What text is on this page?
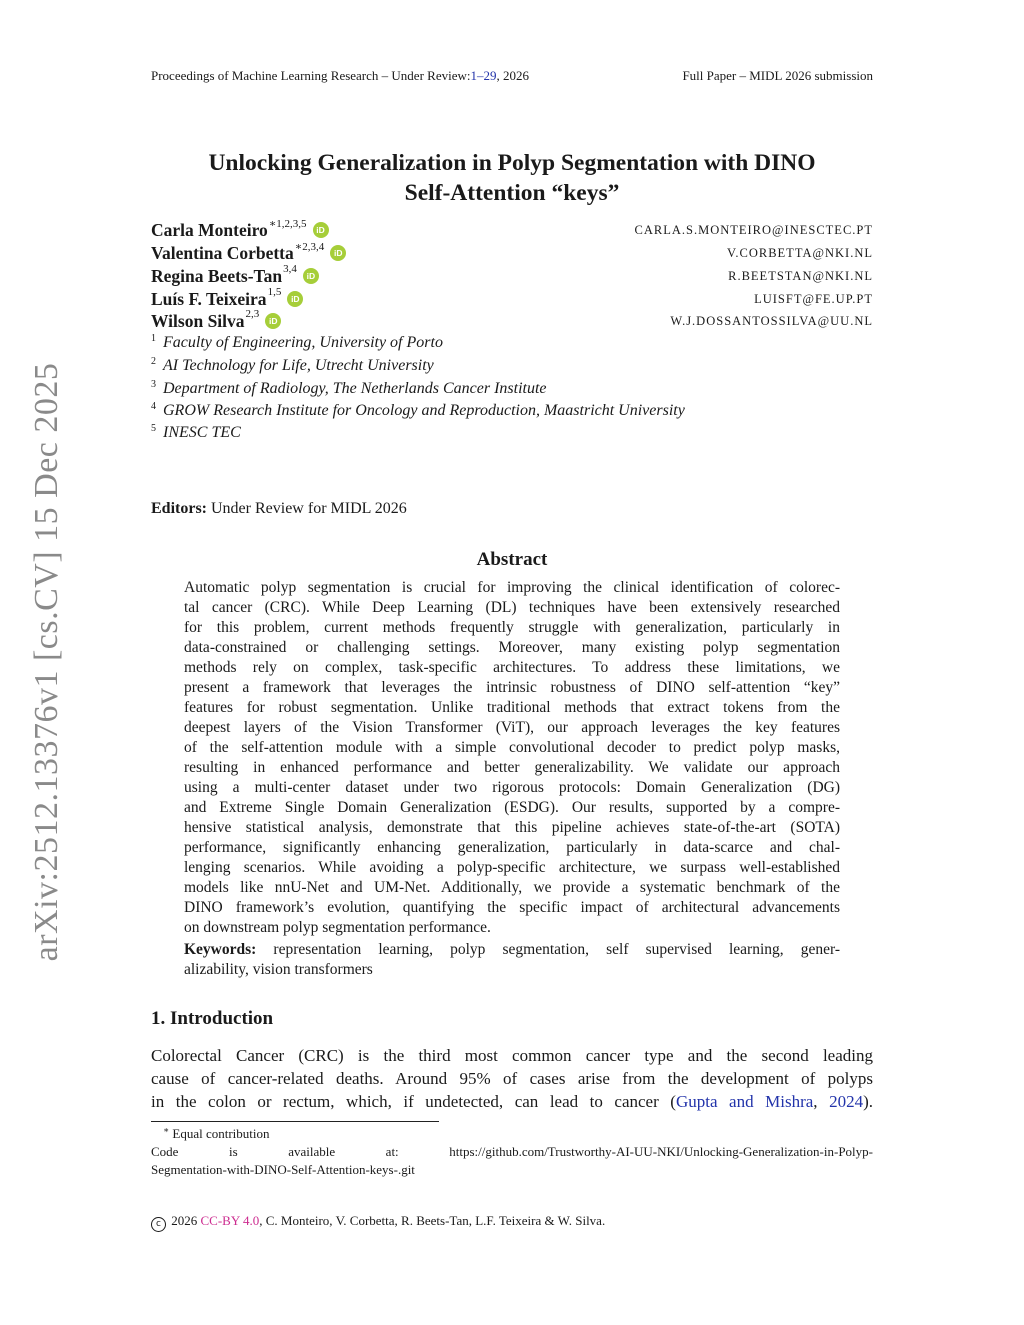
Proceedings of Machine Learning Research – Under Review:1–29, 2026	Full Paper – MIDL 2026 submission
arXiv:2512.13376v1 [cs.CV] 15 Dec 2025
Unlocking Generalization in Polyp Segmentation with DINO
Self-Attention “keys”
Carla Monteiro$^{∗1,2,3,5}$
iD	CARLA.S.MONTEIRO@INESCTEC.PT
Valentina Corbetta$^{∗2,3,4}$
iD	V.CORBETTA@NKI.NL
Regina Beets-Tan$^{3,4}$
iD	R.BEETSTAN@NKI.NL
Luís F. Teixeira$^{1,5}$
iD	LUISFT@FE.UP.PT
Wilson Silva$^{2,3}$
iD	W.J.DOSSANTOSSILVA@UU.NL
$^1$ Faculty of Engineering, University of Porto
$^2$ AI Technology for Life, Utrecht University
$^3$ Department of Radiology, The Netherlands Cancer Institute
$^4$ GROW Research Institute for Oncology and Reproduction, Maastricht University
$^5$ INESC TEC
Editors: Under Review for MIDL 2026
Abstract
Automatic polyp segmentation is crucial for improving the clinical identification of colorec-
tal cancer (CRC). While Deep Learning (DL) techniques have been extensively researched
for this problem, current methods frequently struggle with generalization, particularly in
data-constrained or challenging settings. Moreover, many existing polyp segmentation
methods rely on complex, task-specific architectures. To address these limitations, we
present a framework that leverages the intrinsic robustness of DINO self-attention “key”
features for robust segmentation. Unlike traditional methods that extract tokens from the
deepest layers of the Vision Transformer (ViT), our approach leverages the key features
of the self-attention module with a simple convolutional decoder to predict polyp masks,
resulting in enhanced performance and better generalizability. We validate our approach
using a multi-center dataset under two rigorous protocols: Domain Generalization (DG)
and Extreme Single Domain Generalization (ESDG). Our results, supported by a compre-
hensive statistical analysis, demonstrate that this pipeline achieves state-of-the-art (SOTA)
performance, significantly enhancing generalization, particularly in data-scarce and chal-
lenging scenarios. While avoiding a polyp-specific architecture, we surpass well-established
models like nnU-Net and UM-Net. Additionally, we provide a systematic benchmark of the
DINO framework’s evolution, quantifying the specific impact of architectural advancements
on downstream polyp segmentation performance.
Keywords: representation learning, polyp segmentation, self supervised learning, gener-
alizability, vision transformers
1. Introduction
Colorectal Cancer (CRC) is the third most common cancer type and the second leading
cause of cancer-related deaths. Around 95% of cases arise from the development of polyps
in the colon or rectum, which, if undetected, can lead to cancer (Gupta and Mishra, 2024).
∗ Equal contribution
Code is available at: https://github.com/Trustworthy-AI-UU-NKI/Unlocking-Generalization-in-Polyp-
Segmentation-with-DINO-Self-Attention-keys-.git
c 2026 CC-BY 4.0, C. Monteiro, V. Corbetta, R. Beets-Tan, L.F. Teixeira & W. Silva.
